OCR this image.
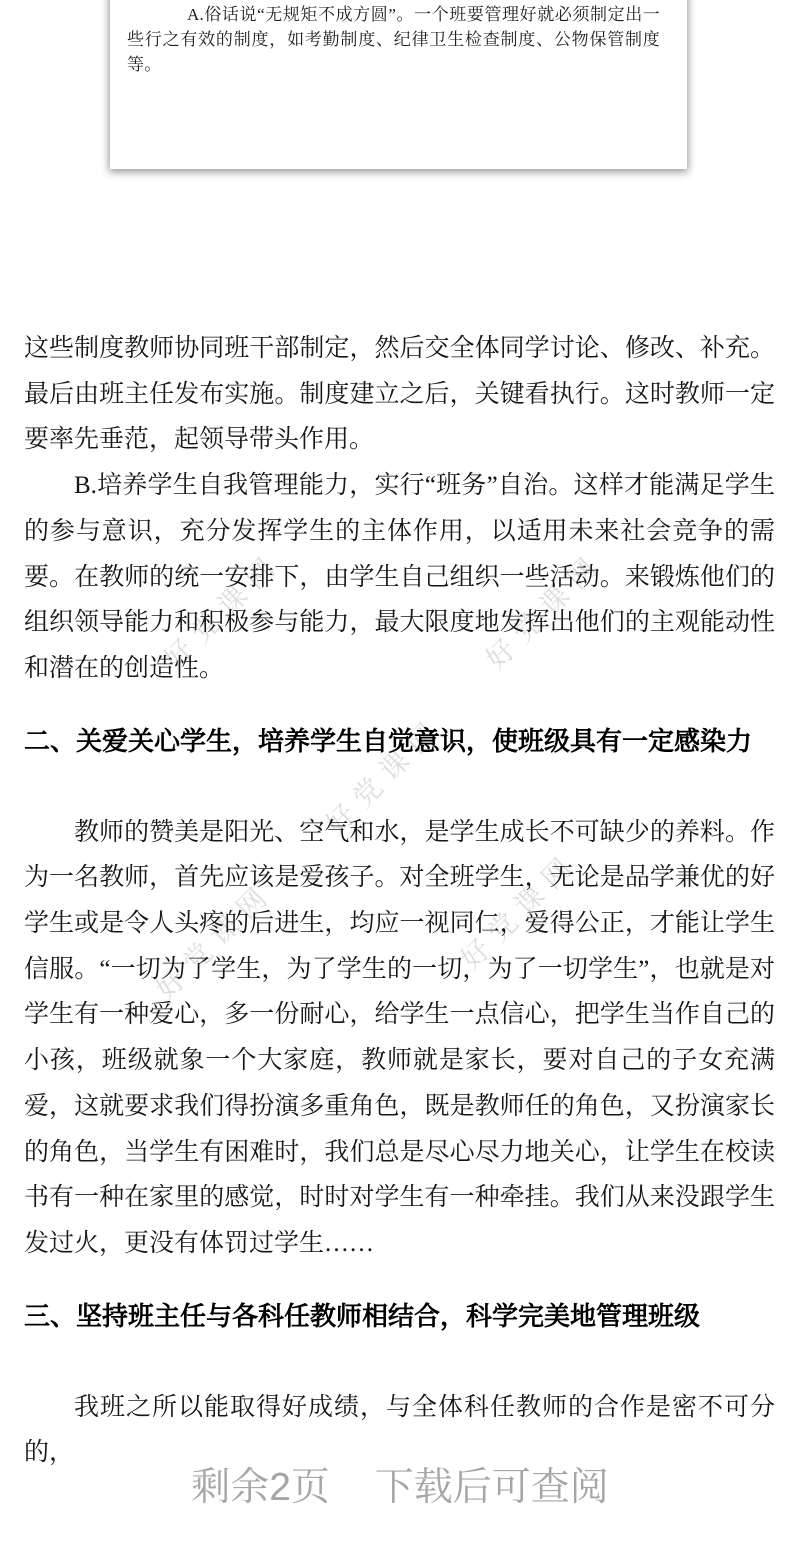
A.俗话说“无规矩不成方圆”。一个班要管理好就必须制定出一些行之有效的制度，如考勤制度、纪律卫生检查制度、公物保管制度等。

好党课网	好党课网
好党课网
好党课网	好党课网

这些制度教师协同班干部制定，然后交全体同学讨论、修改、补充。最后由班主任发布实施。制度建立之后，关键看执行。这时教师一定要率先垂范，起领导带头作用。

B.培养学生自我管理能力，实行“班务”自治。这样才能满足学生的参与意识，充分发挥学生的主体作用，以适用未来社会竞争的需要。在教师的统一安排下，由学生自己组织一些活动。来锻炼他们的组织领导能力和积极参与能力，最大限度地发挥出他们的主观能动性和潜在的创造性。

二、关爱关心学生，培养学生自觉意识，使班级具有一定感染力

教师的赞美是阳光、空气和水，是学生成长不可缺少的养料。作为一名教师，首先应该是爱孩子。对全班学生，无论是品学兼优的好学生或是令人头疼的后进生，均应一视同仁，爱得公正，才能让学生信服。“一切为了学生，为了学生的一切，为了一切学生”，也就是对学生有一种爱心，多一份耐心，给学生一点信心，把学生当作自己的小孩，班级就象一个大家庭，教师就是家长，要对自己的子女充满爱，这就要求我们得扮演多重角色，既是教师任的角色，又扮演家长的角色，当学生有困难时，我们总是尽心尽力地关心，让学生在校读书有一种在家里的感觉，时时对学生有一种牵挂。我们从来没跟学生发过火，更没有体罚过学生……

三、坚持班主任与各科任教师相结合，科学完美地管理班级

我班之所以能取得好成绩，与全体科任教师的合作是密不可分的，

剩余2页 下载后可查阅
